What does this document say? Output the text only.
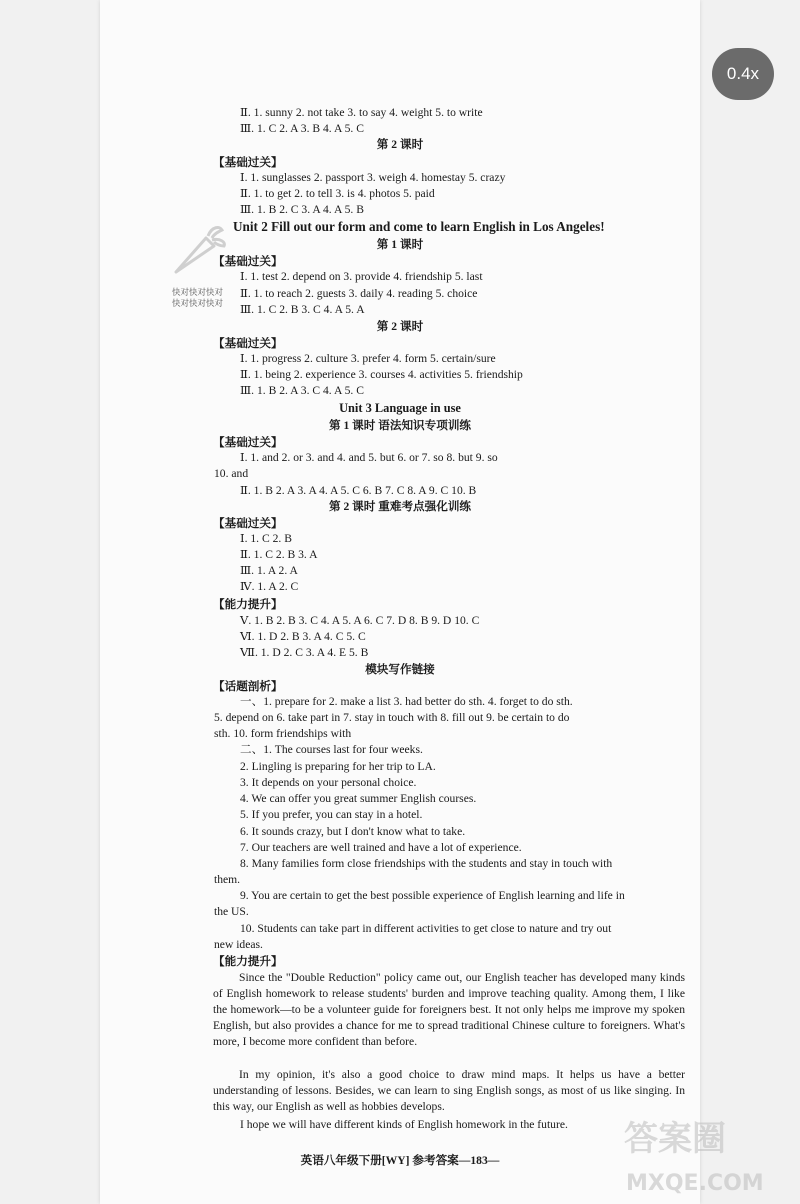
0.4x
快对快对快对
快对快对快对
Ⅱ. 1. sunny 2. not take 3. to say 4. weight 5. to write
Ⅲ. 1. C 2. A 3. B 4. A 5. C
第 2 课时
【基础过关】
Ⅰ. 1. sunglasses 2. passport 3. weigh 4. homestay 5. crazy
Ⅱ. 1. to get 2. to tell 3. is 4. photos 5. paid
Ⅲ. 1. B 2. C 3. A 4. A 5. B
Unit 2 Fill out our form and come to learn English in Los Angeles!
第 1 课时
【基础过关】
Ⅰ. 1. test 2. depend on 3. provide 4. friendship 5. last
Ⅱ. 1. to reach 2. guests 3. daily 4. reading 5. choice
Ⅲ. 1. C 2. B 3. C 4. A 5. A
第 2 课时
【基础过关】
Ⅰ. 1. progress 2. culture 3. prefer 4. form 5. certain/sure
Ⅱ. 1. being 2. experience 3. courses 4. activities 5. friendship
Ⅲ. 1. B 2. A 3. C 4. A 5. C
Unit 3 Language in use
第 1 课时 语法知识专项训练
【基础过关】
Ⅰ. 1. and 2. or 3. and 4. and 5. but 6. or 7. so 8. but 9. so
10. and
Ⅱ. 1. B 2. A 3. A 4. A 5. C 6. B 7. C 8. A 9. C 10. B
第 2 课时 重难考点强化训练
【基础过关】
Ⅰ. 1. C 2. B
Ⅱ. 1. C 2. B 3. A
Ⅲ. 1. A 2. A
Ⅳ. 1. A 2. C
【能力提升】
Ⅴ. 1. B 2. B 3. C 4. A 5. A 6. C 7. D 8. B 9. D 10. C
Ⅵ. 1. D 2. B 3. A 4. C 5. C
Ⅶ. 1. D 2. C 3. A 4. E 5. B
模块写作链接
【话题剖析】
一、1. prepare for 2. make a list 3. had better do sth. 4. forget to do sth.
5. depend on 6. take part in 7. stay in touch with 8. fill out 9. be certain to do
sth. 10. form friendships with
二、1. The courses last for four weeks.
2. Lingling is preparing for her trip to LA.
3. It depends on your personal choice.
4. We can offer you great summer English courses.
5. If you prefer, you can stay in a hotel.
6. It sounds crazy, but I don't know what to take.
7. Our teachers are well trained and have a lot of experience.
8. Many families form close friendships with the students and stay in touch with
them.
9. You are certain to get the best possible experience of English learning and life in
the US.
10. Students can take part in different activities to get close to nature and try out
new ideas.
【能力提升】
Since the "Double Reduction" policy came out, our English teacher has developed many kinds of English homework to release students' burden and improve teaching quality. Among them, I like the homework—to be a volunteer guide for foreigners best. It not only helps me improve my spoken English, but also provides a chance for me to spread traditional Chinese culture to foreigners. What's more, I become more confident than before.
In my opinion, it's also a good choice to draw mind maps. It helps us have a better understanding of lessons. Besides, we can learn to sing English songs, as most of us like singing. In this way, our English as well as hobbies develops.
I hope we will have different kinds of English homework in the future.
英语八年级下册[WY] 参考答案—183—
答案圈
MXQE.COM
